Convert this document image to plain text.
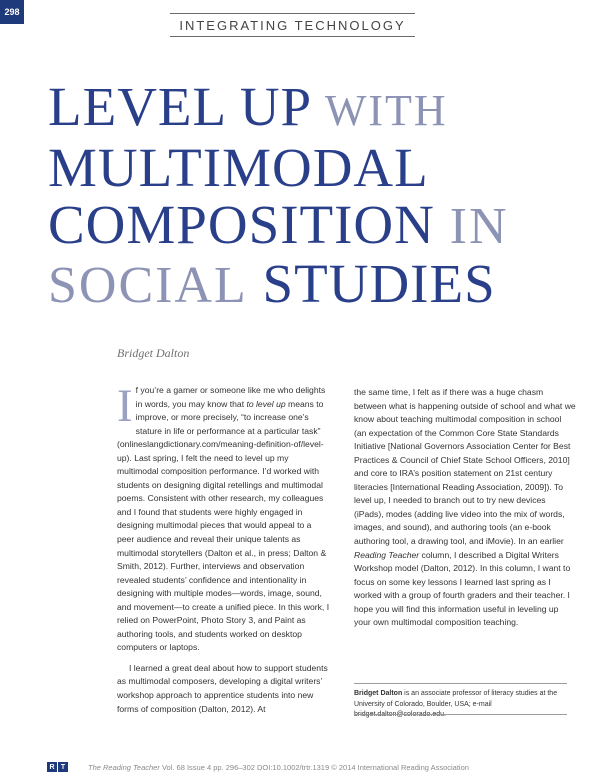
298
INTEGRATING TECHNOLOGY
LEVEL UP WITH
MULTIMODAL
COMPOSITION IN
SOCIAL STUDIES
Bridget Dalton

If you’re a gamer or someone like me who delights in words, you may know that to level up means to improve, or more precisely, “to increase one’s stature in life or performance at a particular task” (onlineslangdictionary.com/meaning-definition-of/level-up). Last spring, I felt the need to level up my multimodal composition performance. I’d worked with students on designing digital retellings and multimodal poems. Consistent with other research, my colleagues and I found that students were highly engaged in designing multimodal pieces that would appeal to a peer audience and reveal their unique talents as multimodal storytellers (Dalton et al., in press; Dalton & Smith, 2012). Further, interviews and observation revealed students’ confidence and intentionality in designing with multiple modes—words, image, sound, and movement—to create a unified piece. In this work, I relied on PowerPoint, Photo Story 3, and Paint as authoring tools, and students worked on desktop computers or laptops.

I learned a great deal about how to support students as multimodal composers, developing a digital writers’ workshop approach to apprentice students into new forms of composition (Dalton, 2012). At

the same time, I felt as if there was a huge chasm between what is happening outside of school and what we know about teaching multimodal composition in school (an expectation of the Common Core State Standards Initiative [National Governors Association Center for Best Practices & Council of Chief State School Officers, 2010] and core to IRA’s position statement on 21st century literacies [International Reading Association, 2009]). To level up, I needed to branch out to try new devices (iPads), modes (adding live video into the mix of words, images, and sound), and authoring tools (an e-book authoring tool, a drawing tool, and iMovie). In an earlier Reading Teacher column, I described a Digital Writers Workshop model (Dalton, 2012). In this column, I want to focus on some key lessons I learned last spring as I worked with a group of fourth graders and their teacher. I hope you will find this information useful in leveling up your own multimodal composition teaching.

Bridget Dalton is an associate professor of literacy studies at the University of Colorado, Boulder, USA; e-mail
R T	The Reading Teacher Vol. 68 Issue 4 pp. 296–302 DOI:10.1002/trtr.1319 © 2014 International Reading Association
